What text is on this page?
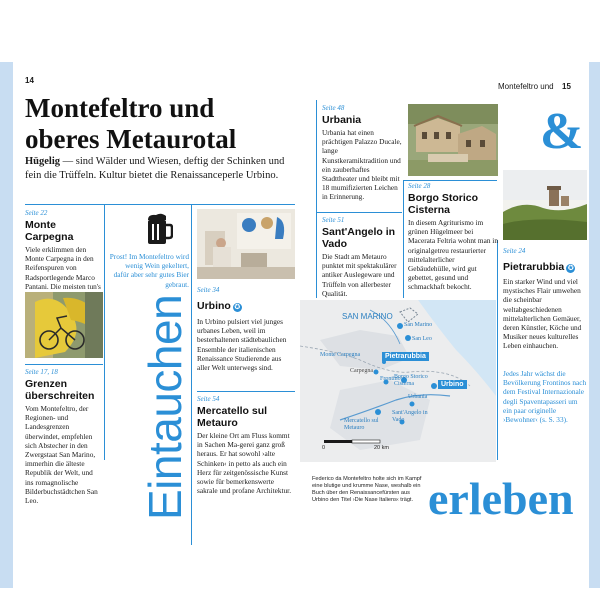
14
Montefeltro und 15
Montefeltro und
oberes Metaurotal
Hügelig — sind Wälder und Wiesen, deftig der Schinken und fein die Trüffeln. Kultur bietet die Renaissanceperle Urbino.
&
Seite 22
Monte Carpegna
Viele erklimmen den Monte Carpegna in den Reifenspuren von Radsportlegende Marco Pantani. Die meisten tun's
Seite 17, 18
Grenzen überschreiten
Vom Montefeltro, der Regionen- und Landesgrenzen überwindet, empfehlen sich Abstecher in den Zwergstaat San Marino, immerhin die älteste Republik der Welt, und ins romagnolische Bilderbuchstädtchen San Leo.
Prost! Im Montefeltro wird wenig Wein gekeltert, dafür aber sehr gutes Bier gebraut.
Seite 34
Urbino ✪
In Urbino pulsiert viel junges urbanes Leben, weil im besterhaltenen städtebaulichen Ensemble der italienischen Renaissance Studierende aus aller Welt unterwegs sind.
Seite 54
Mercatello sul Metauro
Der kleine Ort am Fluss kommt in Sachen Ma-gerei ganz groß heraus. Er hat sowohl ›alte Schinken‹ in petto als auch ein Herz für zeitgenössische Kunst sowie für bemerkenswerte sakrale und profane Architektur.
Eintauchen
Seite 48
Urbania
Urbania hat einen prächtigen Palazzo Ducale, lange Kunstkeramiktradition und ein zauberhaftes Stadttheater und bleibt mit 18 mumifizierten Leichen in Erinnerung.
Seite 51
Sant'Angelo in Vado
Die Stadt am Metauro punktet mit spektakulärer antiker Auslegeware und Trüffeln von allerbester Qualität.
Seite 28
Borgo Storico Cisterna
In diesem Agriturismo im grünen Hügelmeer bei Macerata Feltria wohnt man in originalgetreu restaurierter mittelalterlicher Gebäudehülle, wird gut gebettet, gesund und schmackhaft bekocht.
Seite 24
Pietrarubbia ✪
Ein starker Wind und viel mystisches Flair umwehen die scheinbar weltabgeschiedenen mittelalterlichen Gemäuer, deren Künstler, Köche und Musiker neues kulturelles Leben einhauchen.
Jedes Jahr wächst die Bevölkerung Frontinos nach dem Festival Internazionale degli Spaventapasseri um ein paar originelle ›Bewohner‹ (s. S. 33).
SAN MARINO
San Marino
San Leo
Monte Carpegna
Carpegna
Pietrarubbia
Frontino
Borgo Storico Cisterna	Urbino
Mercatello sul Metauro
Urbania
Sant'Angelo in Vado
0	20 km
Federico da Montefeltro holte sich im Kampf eine blutige und krumme Nase, weshalb ein Buch über den Renaissancefürsten aus Urbino den Titel ›Die Nase Italiens‹ trägt. erleben
